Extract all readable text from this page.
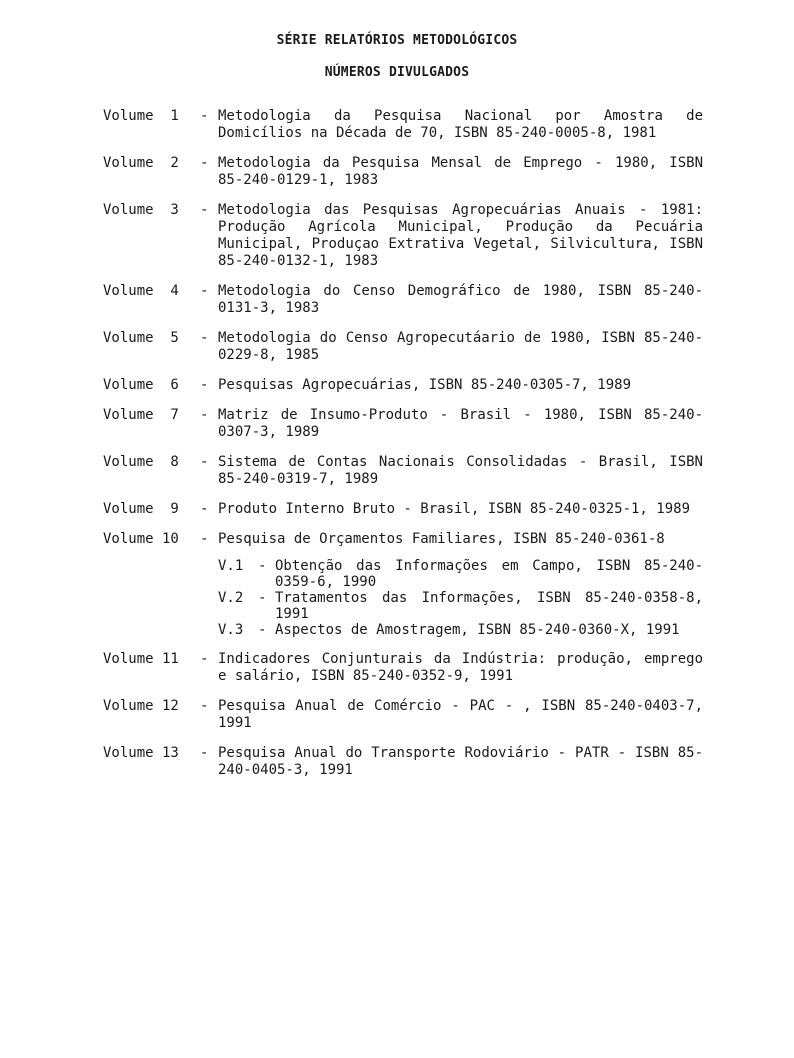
SÉRIE RELATÓRIOS METODOLÓGICOS
NÚMEROS DIVULGADOS
Volume  1	- Metodologia da Pesquisa Nacional por Amostra de Domicílios na Década de 70, ISBN 85-240-0005-8, 1981
Volume  2	- Metodologia da Pesquisa Mensal de Emprego - 1980, ISBN 85-240-0129-1, 1983
Volume  3	- Metodologia das Pesquisas Agropecuárias Anuais - 1981: Produção Agrícola Municipal, Produção da Pecuária Municipal, Produçao Extrativa Vegetal, Silvicultura, ISBN 85-240-0132-1, 1983
Volume  4	- Metodologia do Censo Demográfico de 1980, ISBN 85-240-0131-3, 1983
Volume  5	- Metodologia do Censo Agropecutáario de 1980, ISBN 85-240-0229-8, 1985
Volume  6	- Pesquisas Agropecuárias, ISBN 85-240-0305-7, 1989
Volume  7	- Matriz de Insumo-Produto - Brasil - 1980, ISBN 85-240-0307-3, 1989
Volume  8	- Sistema de Contas Nacionais Consolidadas - Brasil, ISBN 85-240-0319-7, 1989
Volume  9	- Produto Interno Bruto - Brasil, ISBN 85-240-0325-1, 1989
Volume 10	- Pesquisa de Orçamentos Familiares, ISBN 85-240-0361-8
V.1	- Obtenção das Informações em Campo, ISBN 85-240-0359-6, 1990
V.2	- Tratamentos das Informações, ISBN 85-240-0358-8, 1991
V.3	- Aspectos de Amostragem, ISBN 85-240-0360-X, 1991
Volume 11	- Indicadores Conjunturais da Indústria: produção, emprego e salário, ISBN 85-240-0352-9, 1991
Volume 12	- Pesquisa Anual de Comércio - PAC - , ISBN 85-240-0403-7, 1991
Volume 13	- Pesquisa Anual do Transporte Rodoviário - PATR - ISBN 85-240-0405-3, 1991
